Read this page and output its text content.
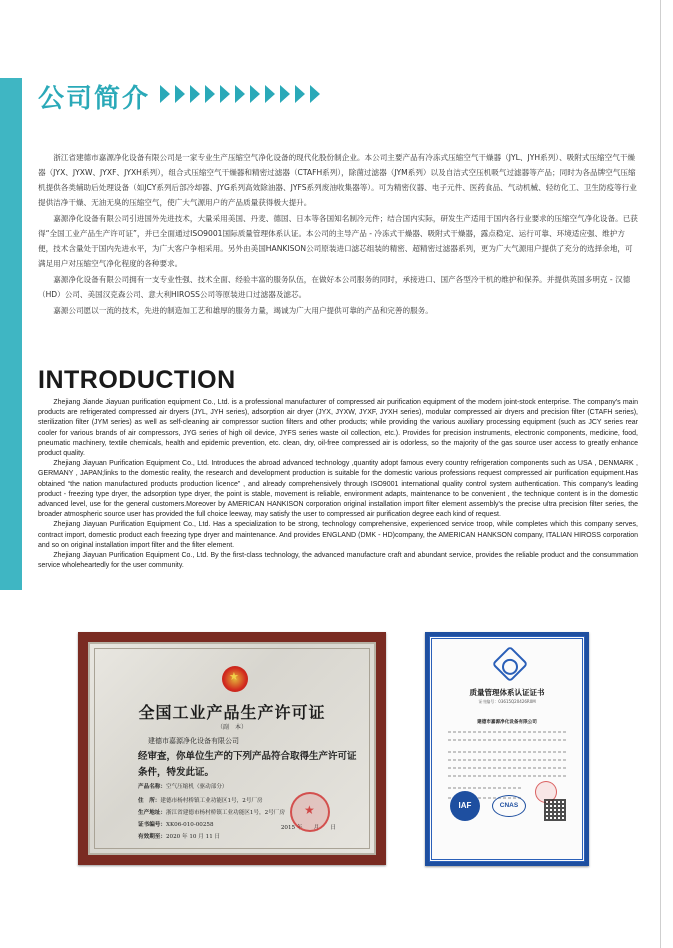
公司简介

浙江省建德市嘉源净化设备有限公司是一家专业生产压缩空气净化设备的现代化股份制企业。本公司主要产品有冷冻式压缩空气干燥器（JYL、JYH系列）、吸附式压缩空气干燥器（JYX、JYXW、JYXF、JYXH系列），组合式压缩空气干燥器和精密过滤器（CTAFH系列），除菌过滤器（JYM系列）以及自洁式空压机吸气过滤器等产品；同时为各品牌空气压缩机提供各类辅助后处理设备（如JCY系列后部冷却器、JYG系列高效除油器、JYFS系列废油收集器等）。可为精密仪器、电子元件、医药食品、气动机械、轻纺化工、卫生防疫等行业提供洁净干燥、无油无臭的压缩空气，使广大气源用户的产品质量获得极大提升。

嘉源净化设备有限公司引进国外先进技术，大量采用美国、丹麦、德国、日本等各国知名制冷元件；结合国内实际，研发生产适用于国内各行业要求的压缩空气净化设备。已获得“全国工业产品生产许可证”，并已全面通过ISO9001国际质量管理体系认证。本公司的主导产品 - 冷冻式干燥器、吸附式干燥器，露点稳定、运行可靠、环境适应强、维护方便，技术含量处于国内先进水平，为广大客户争相采用。另外由美国HANKISON公司原装进口滤芯组装的精密、超精密过滤器系列，更为广大气源用户提供了充分的选择余地，可满足用户对压缩空气净化程度的各种要求。

嘉源净化设备有限公司拥有一支专业性强、技术全面、经验丰富的服务队伍，在做好本公司服务的同时，承接进口、国产各型冷干机的维护和保养。并提供英国多明克 - 汉德（HD）公司、美国汉克森公司、意大利HIROSS公司等原装进口过滤器及滤芯。

嘉源公司愿以一流的技术，先进的制造加工艺和雄厚的服务力量，竭诚为广大用户提供可靠的产品和完善的服务。

INTRODUCTION

Zhejiang Jiande Jiayuan purification equipment Co., Ltd. is a professional manufacturer of compressed air purification equipment of the modern joint-stock enterprise. The company's main products are refrigerated compressed air dryers (JYL, JYH series), adsorption air dryer (JYX, JYXW, JYXF, JYXH series), modular compressed air dryers and precision filter (CTAFH series), sterilization filter (JYM series) as well as self-cleaning air compressor suction filters and other products; while providing the various auxiliary processing equipment (such as JCY series rear cooler for various brands of air compressors, JYG series of high oil device, JYFS series waste oil collection, etc.). Provides for precision instruments, electronic components, medicine, food, pneumatic machinery, textile chemicals, health and epidemic prevention, etc. clean, dry, oil-free compressed air is odorless, so the majority of the gas source user access to greatly enhance product quality.

Zhejiang Jiayuan Purification Equipment Co., Ltd. Introduces the abroad advanced technology ,quantity adopt famous every country refrigeration components such as USA , DENMARK , GERMANY , JAPAN;links to the domestic reality, the research and development production is suitable for the domestic various professions request compressed air purification equipment.Has obtained “the nation manufactured products production licence” , and already comprehensively through ISO9001 international quality control system authentication. This company's leading product - freezing type dryer, the adsorption type dryer, the point is stable, movement is reliable, environment adapts, maintenance to be convenient , the technique content is in the domestic advanced level, use for the general customers.Moreover by AMERICAN HANKISON corporation original installation import filter element assembly's the precise ultra precision filter series, the broader atmospheric source user has provided the full choice leeway, may satisfy the user to compressed air purification degree each kind of request.

Zhejiang Jiayuan Purification Equipment Co., Ltd. Has a specialization to be strong, technology comprehensive, experienced service troop, while completes which this company serves, contract import, domestic product each freezing type dryer and maintenance. And provides ENGLAND (DMK - HD)company, the AMERICAN HANKSON company, ITALIAN HIROSS corporation and so on original installation import filter and the filter element.

Zhejiang Jiayuan Purification Equipment Co., Ltd. By the first-class technology, the advanced manufacture craft and abundant service, provides the reliable product and the consummation service wholeheartedly for the user community.

★
全国工业产品生产许可证
（副　本）
建德市嘉源净化设备有限公司
经审查，你单位生产的下列产品符合取得生产许可证
条件，特发此证。
产品名称：空气压缩机（驱动部分）
住　所：建德市杨村桥镇工业功能区1号，2号厂房
生产地址：浙江省建德市杨村桥镇工业功能区1号，2号厂房
证书编号：XK06-010-00258
有效期至：2020 年 10 月 11 日
2015 年　　月　　日
★
质量管理体系认证证书
证书编号：03615Q20426R0M
建德市嘉源净化设备有限公司
IAF	CNAS
